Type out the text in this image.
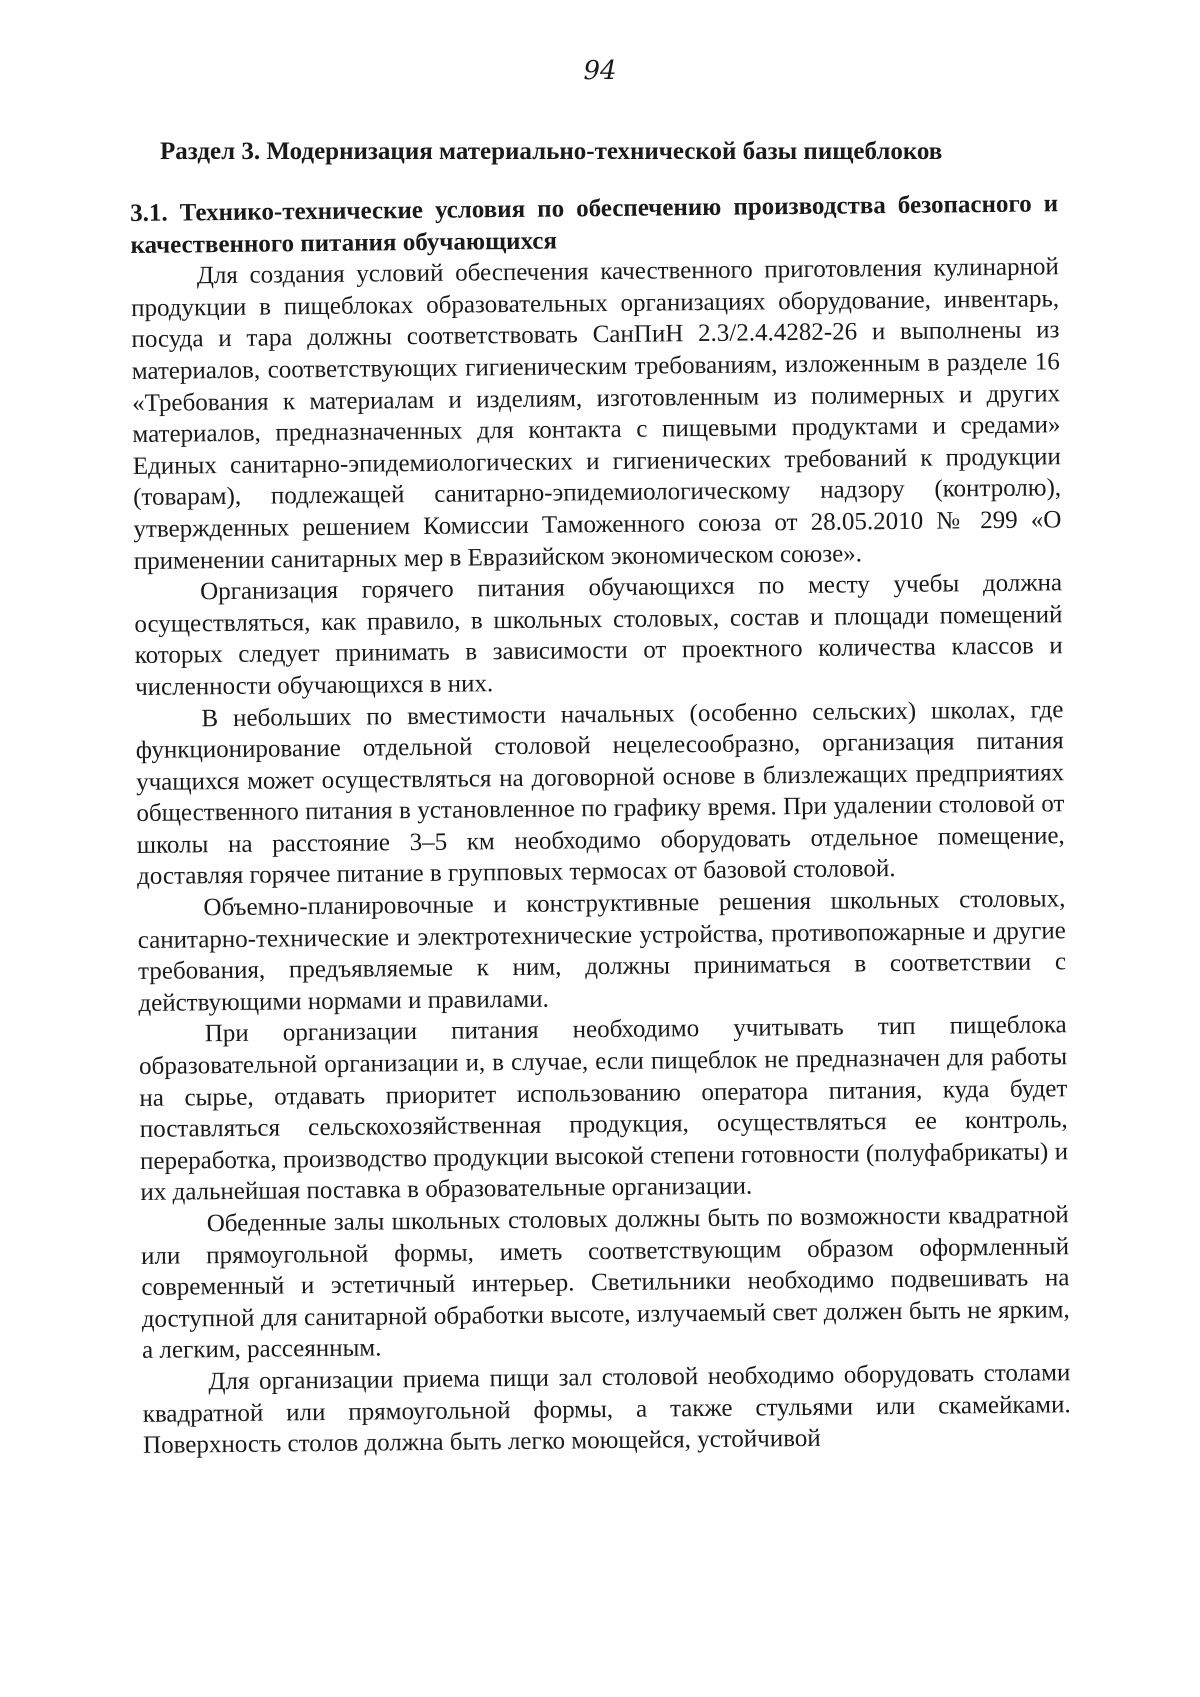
94
Раздел 3. Модернизация материально-технической базы пищеблоков

3.1. Технико-технические условия по обеспечению производства безопасного и качественного питания обучающихся

Для создания условий обеспечения качественного приготовления кулинарной продукции в пищеблоках образовательных организациях оборудование, инвентарь, посуда и тара должны соответствовать СанПиН 2.3/2.4.4282-26 и выполнены из материалов, соответствующих гигиеническим требованиям, изложенным в разделе 16 «Требования к материалам и изделиям, изготовленным из полимерных и других материалов, предназначенных для контакта с пищевыми продуктами и средами» Единых санитарно-эпидемиологических и гигиенических требований к продукции (товарам), подлежащей санитарно-эпидемиологическому надзору (контролю), утвержденных решением Комиссии Таможенного союза от 28.05.2010 № 299 «О применении санитарных мер в Евразийском экономическом союзе».

Организация горячего питания обучающихся по месту учебы должна осуществляться, как правило, в школьных столовых, состав и площади помещений которых следует принимать в зависимости от проектного количества классов и численности обучающихся в них.

В небольших по вместимости начальных (особенно сельских) школах, где функционирование отдельной столовой нецелесообразно, организация питания учащихся может осуществляться на договорной основе в близлежащих предприятиях общественного питания в установленное по графику время. При удалении столовой от школы на расстояние 3–5 км необходимо оборудовать отдельное помещение, доставляя горячее питание в групповых термосах от базовой столовой.

Объемно-планировочные и конструктивные решения школьных столовых, санитарно-технические и электротехнические устройства, противопожарные и другие требования, предъявляемые к ним, должны приниматься в соответствии с действующими нормами и правилами.

При организации питания необходимо учитывать тип пищеблока образовательной организации и, в случае, если пищеблок не предназначен для работы на сырье, отдавать приоритет использованию оператора питания, куда будет поставляться сельскохозяйственная продукция, осуществляться ее контроль, переработка, производство продукции высокой степени готовности (полуфабрикаты) и их дальнейшая поставка в образовательные организации.

Обеденные залы школьных столовых должны быть по возможности квадратной или прямоугольной формы, иметь соответствующим образом оформленный современный и эстетичный интерьер. Светильники необходимо подвешивать на доступной для санитарной обработки высоте, излучаемый свет должен быть не ярким, а легким, рассеянным.

Для организации приема пищи зал столовой необходимо оборудовать столами квадратной или прямоугольной формы, а также стульями или скамейками. Поверхность столов должна быть легко моющейся, устойчивой
